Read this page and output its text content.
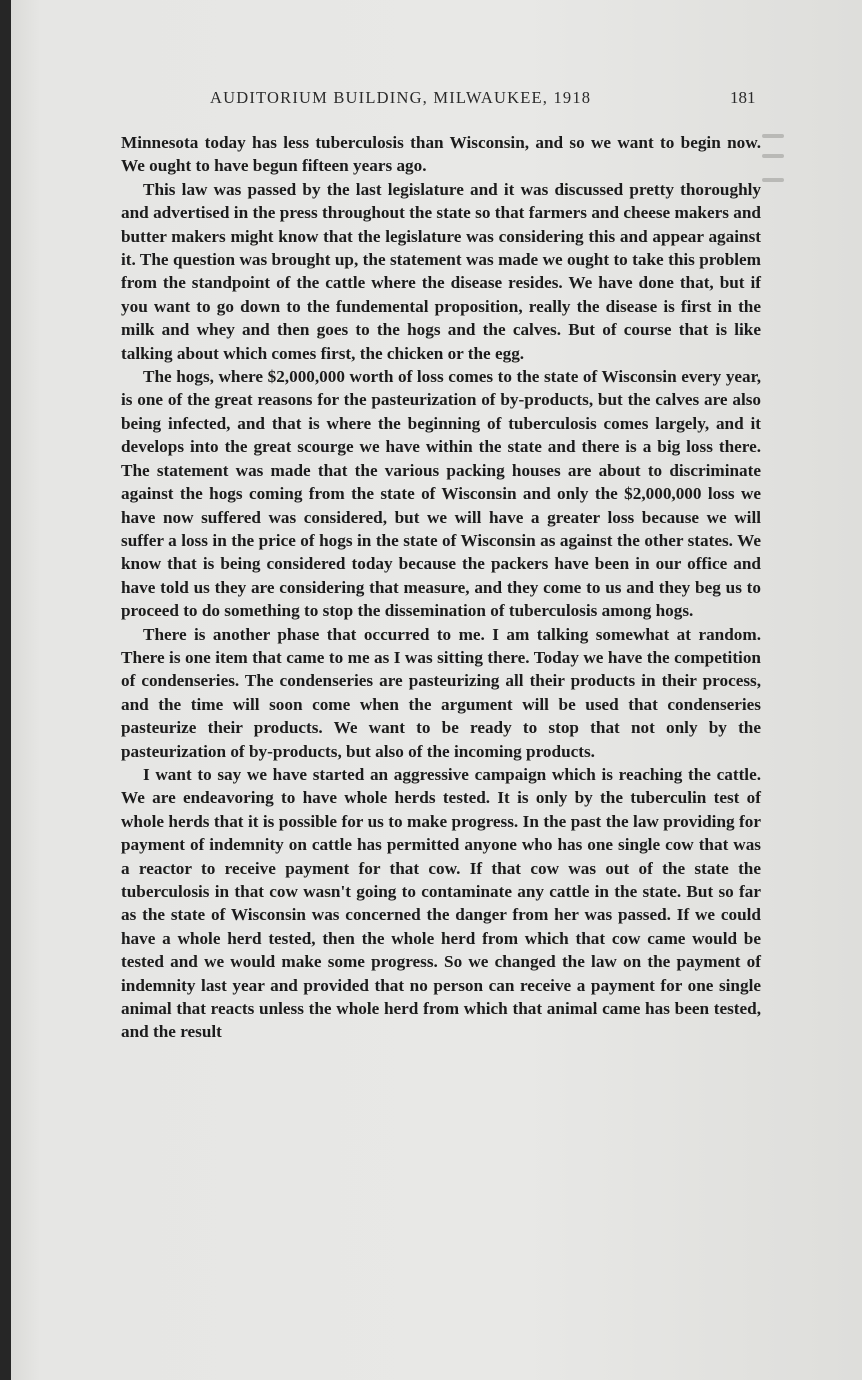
AUDITORIUM BUILDING, MILWAUKEE, 1918	181

Minnesota today has less tuberculosis than Wisconsin, and so we want to begin now. We ought to have begun fifteen years ago.

This law was passed by the last legislature and it was discussed pretty thoroughly and advertised in the press throughout the state so that farmers and cheese makers and butter makers might know that the legislature was considering this and appear against it. The question was brought up, the statement was made we ought to take this problem from the standpoint of the cattle where the disease resides. We have done that, but if you want to go down to the fundemental proposition, really the disease is first in the milk and whey and then goes to the hogs and the calves. But of course that is like talking about which comes first, the chicken or the egg.

The hogs, where $2,000,000 worth of loss comes to the state of Wisconsin every year, is one of the great reasons for the pasteurization of by-products, but the calves are also being infected, and that is where the beginning of tuberculosis comes largely, and it develops into the great scourge we have within the state and there is a big loss there. The statement was made that the various packing houses are about to discriminate against the hogs coming from the state of Wisconsin and only the $2,000,000 loss we have now suffered was considered, but we will have a greater loss because we will suffer a loss in the price of hogs in the state of Wisconsin as against the other states. We know that is being considered today because the packers have been in our office and have told us they are considering that measure, and they come to us and they beg us to proceed to do something to stop the dissemination of tuberculosis among hogs.

There is another phase that occurred to me. I am talking somewhat at random. There is one item that came to me as I was sitting there. Today we have the competition of condenseries. The condenseries are pasteurizing all their products in their process, and the time will soon come when the argument will be used that condenseries pasteurize their products. We want to be ready to stop that not only by the pasteurization of by-products, but also of the incoming products.

I want to say we have started an aggressive campaign which is reaching the cattle. We are endeavoring to have whole herds tested. It is only by the tuberculin test of whole herds that it is possible for us to make progress. In the past the law providing for payment of indemnity on cattle has permitted anyone who has one single cow that was a reactor to receive payment for that cow. If that cow was out of the state the tuberculosis in that cow wasn't going to contaminate any cattle in the state. But so far as the state of Wisconsin was concerned the danger from her was passed. If we could have a whole herd tested, then the whole herd from which that cow came would be tested and we would make some progress. So we changed the law on the payment of indemnity last year and provided that no person can receive a payment for one single animal that reacts unless the whole herd from which that animal came has been tested, and the result
